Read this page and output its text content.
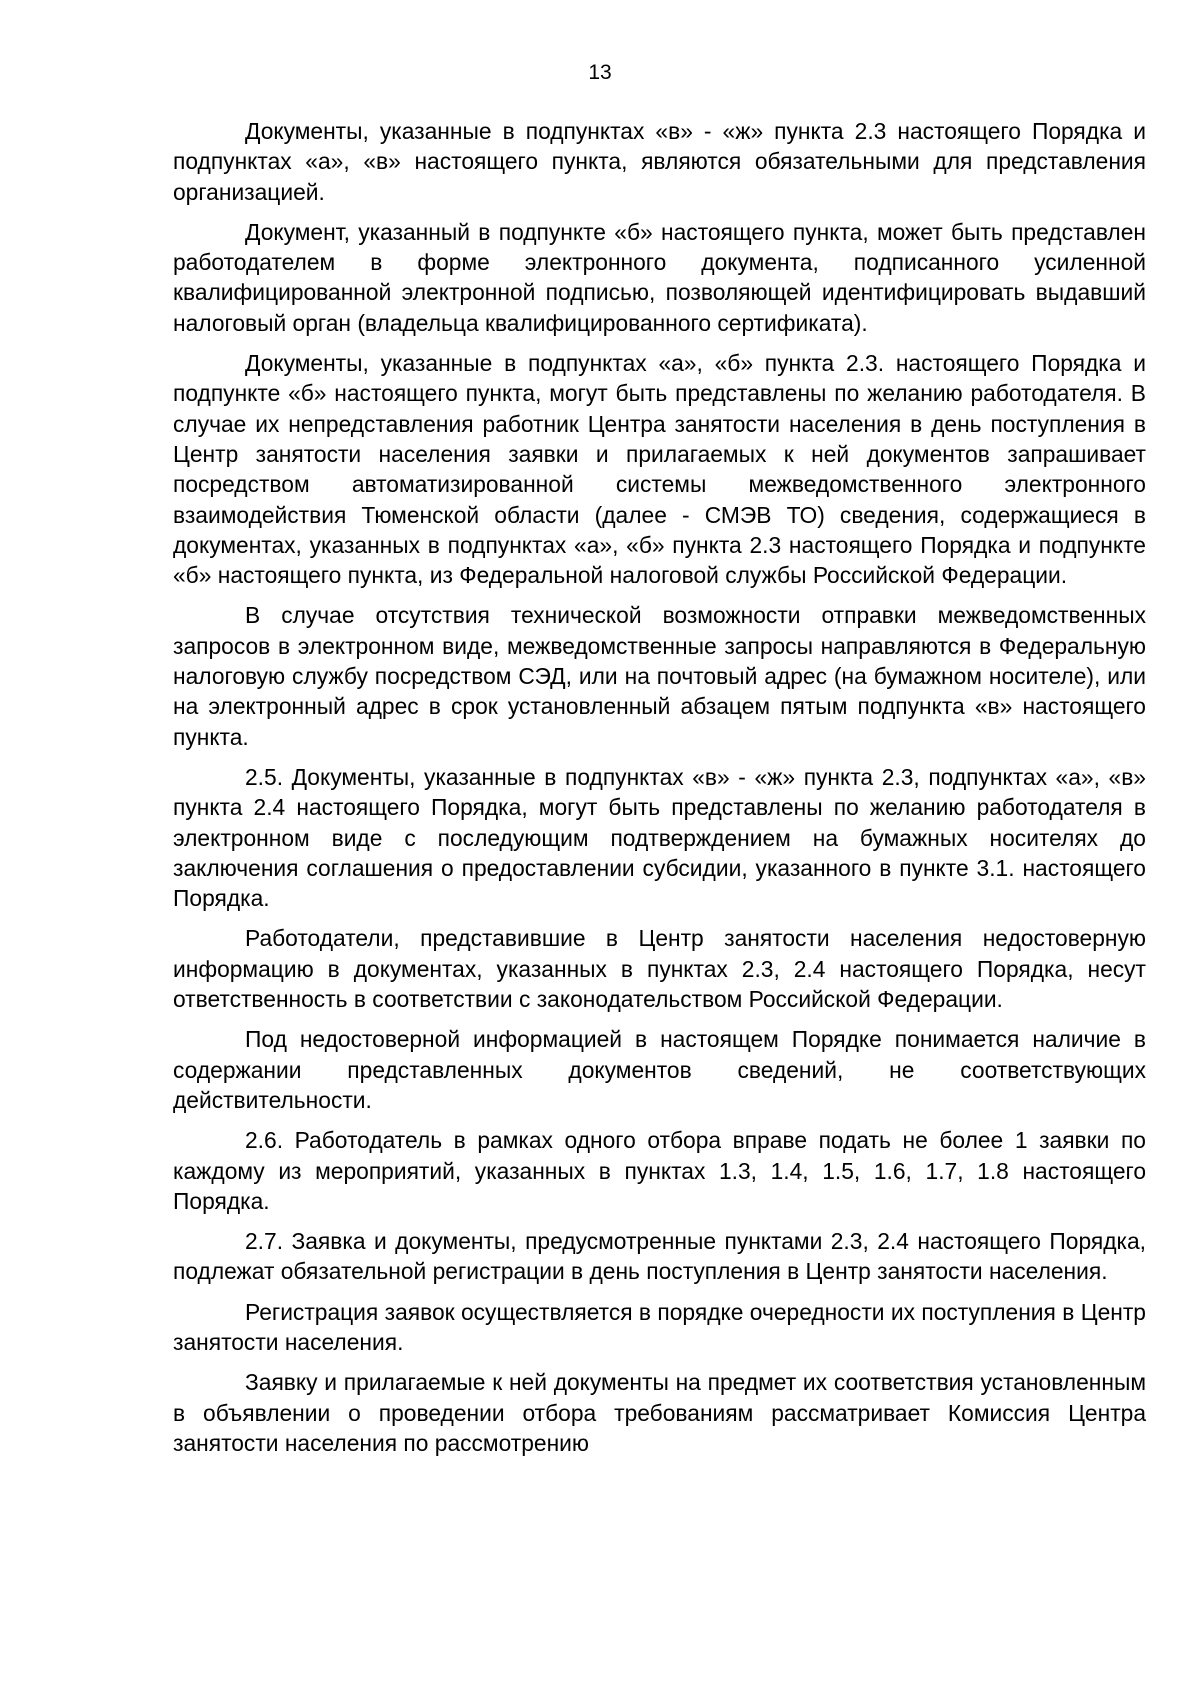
13

Документы, указанные в подпунктах «в» - «ж» пункта 2.3 настоящего Порядка и подпунктах «а», «в» настоящего пункта, являются обязательными для представления организацией.

Документ, указанный в подпункте «б» настоящего пункта, может быть представлен работодателем в форме электронного документа, подписанного усиленной квалифицированной электронной подписью, позволяющей идентифицировать выдавший налоговый орган (владельца квалифицированного сертификата).

Документы, указанные в подпунктах «а», «б» пункта 2.3. настоящего Порядка и подпункте «б» настоящего пункта, могут быть представлены по желанию работодателя. В случае их непредставления работник Центра занятости населения в день поступления в Центр занятости населения заявки и прилагаемых к ней документов запрашивает посредством автоматизированной системы межведомственного электронного взаимодействия Тюменской области (далее - СМЭВ ТО) сведения, содержащиеся в документах, указанных в подпунктах «а», «б» пункта 2.3 настоящего Порядка и подпункте «б» настоящего пункта, из Федеральной налоговой службы Российской Федерации.

В случае отсутствия технической возможности отправки межведомственных запросов в электронном виде, межведомственные запросы направляются в Федеральную налоговую службу посредством СЭД, или на почтовый адрес (на бумажном носителе), или на электронный адрес в срок установленный абзацем пятым подпункта «в» настоящего пункта.

2.5. Документы, указанные в подпунктах «в» - «ж» пункта 2.3, подпунктах «а», «в» пункта 2.4 настоящего Порядка, могут быть представлены по желанию работодателя в электронном виде с последующим подтверждением на бумажных носителях до заключения соглашения о предоставлении субсидии, указанного в пункте 3.1. настоящего Порядка.

Работодатели, представившие в Центр занятости населения недостоверную информацию в документах, указанных в пунктах 2.3, 2.4 настоящего Порядка, несут ответственность в соответствии с законодательством Российской Федерации.

Под недостоверной информацией в настоящем Порядке понимается наличие в содержании представленных документов сведений, не соответствующих действительности.

2.6. Работодатель в рамках одного отбора вправе подать не более 1 заявки по каждому из мероприятий, указанных в пунктах 1.3, 1.4, 1.5, 1.6, 1.7, 1.8 настоящего Порядка.

2.7. Заявка и документы, предусмотренные пунктами 2.3, 2.4 настоящего Порядка, подлежат обязательной регистрации в день поступления в Центр занятости населения.

Регистрация заявок осуществляется в порядке очередности их поступления в Центр занятости населения.

Заявку и прилагаемые к ней документы на предмет их соответствия установленным в объявлении о проведении отбора требованиям рассматривает Комиссия Центра занятости населения по рассмотрению
